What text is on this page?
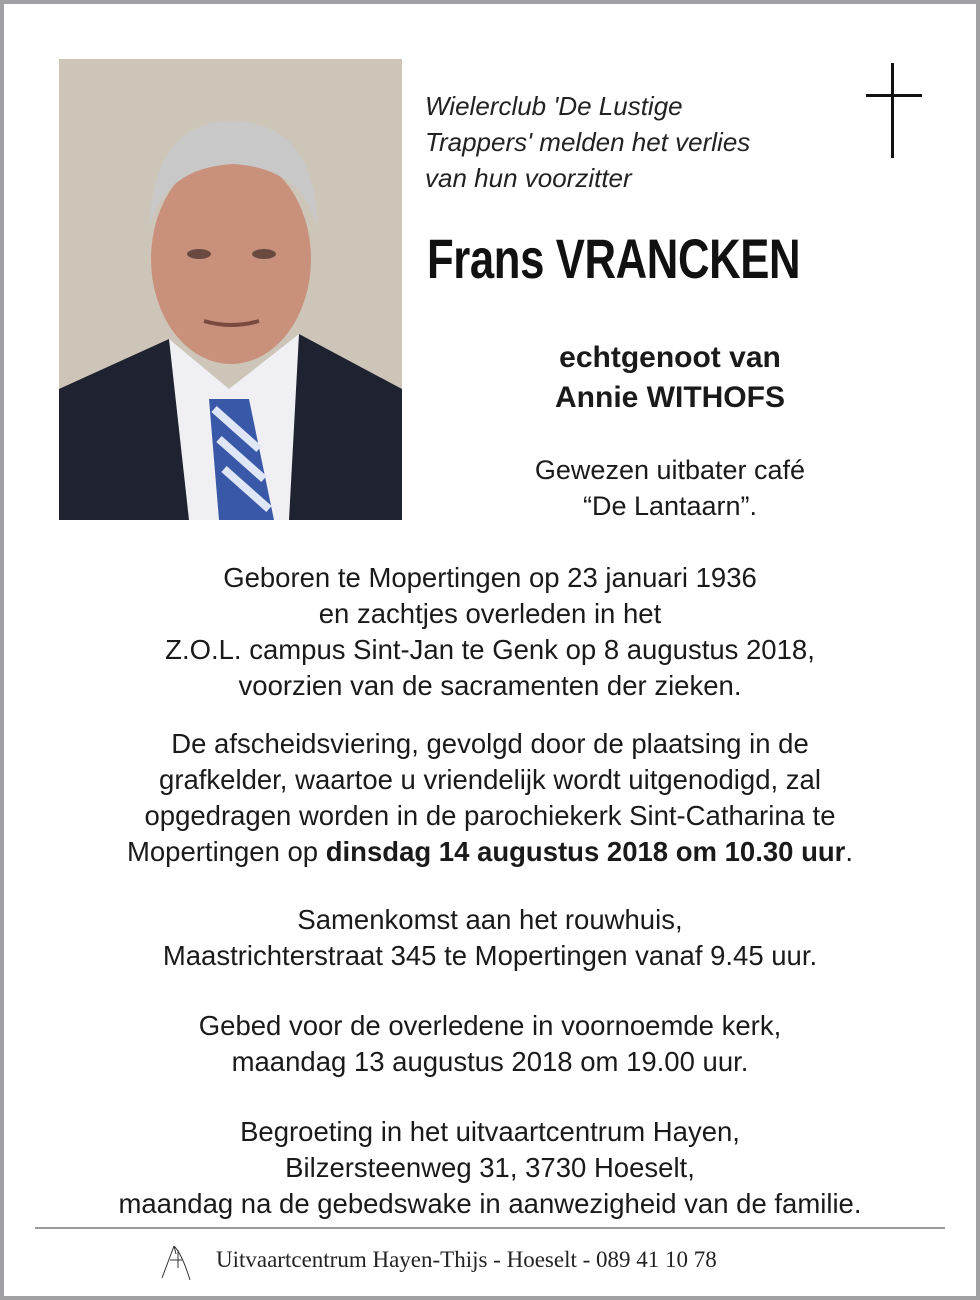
Wielerclub 'De Lustige
Trappers' melden het verlies
van hun voorzitter
Frans VRANCKEN
echtgenoot van
Annie WITHOFS
Gewezen uitbater café
“De Lantaarn”.
Geboren te Mopertingen op 23 januari 1936
en zachtjes overleden in het
Z.O.L. campus Sint-Jan te Genk op 8 augustus 2018,
voorzien van de sacramenten der zieken.
De afscheidsviering, gevolgd door de plaatsing in de
grafkelder, waartoe u vriendelijk wordt uitgenodigd, zal
opgedragen worden in de parochiekerk Sint-Catharina te
Mopertingen op dinsdag 14 augustus 2018 om 10.30 uur.
Samenkomst aan het rouwhuis,
Maastrichterstraat 345 te Mopertingen vanaf 9.45 uur.
Gebed voor de overledene in voornoemde kerk,
maandag 13 augustus 2018 om 19.00 uur.
Begroeting in het uitvaartcentrum Hayen,
Bilzersteenweg 31, 3730 Hoeselt,
maandag na de gebedswake in aanwezigheid van de familie.
Uitvaartcentrum Hayen-Thijs - Hoeselt - 089 41 10 78
